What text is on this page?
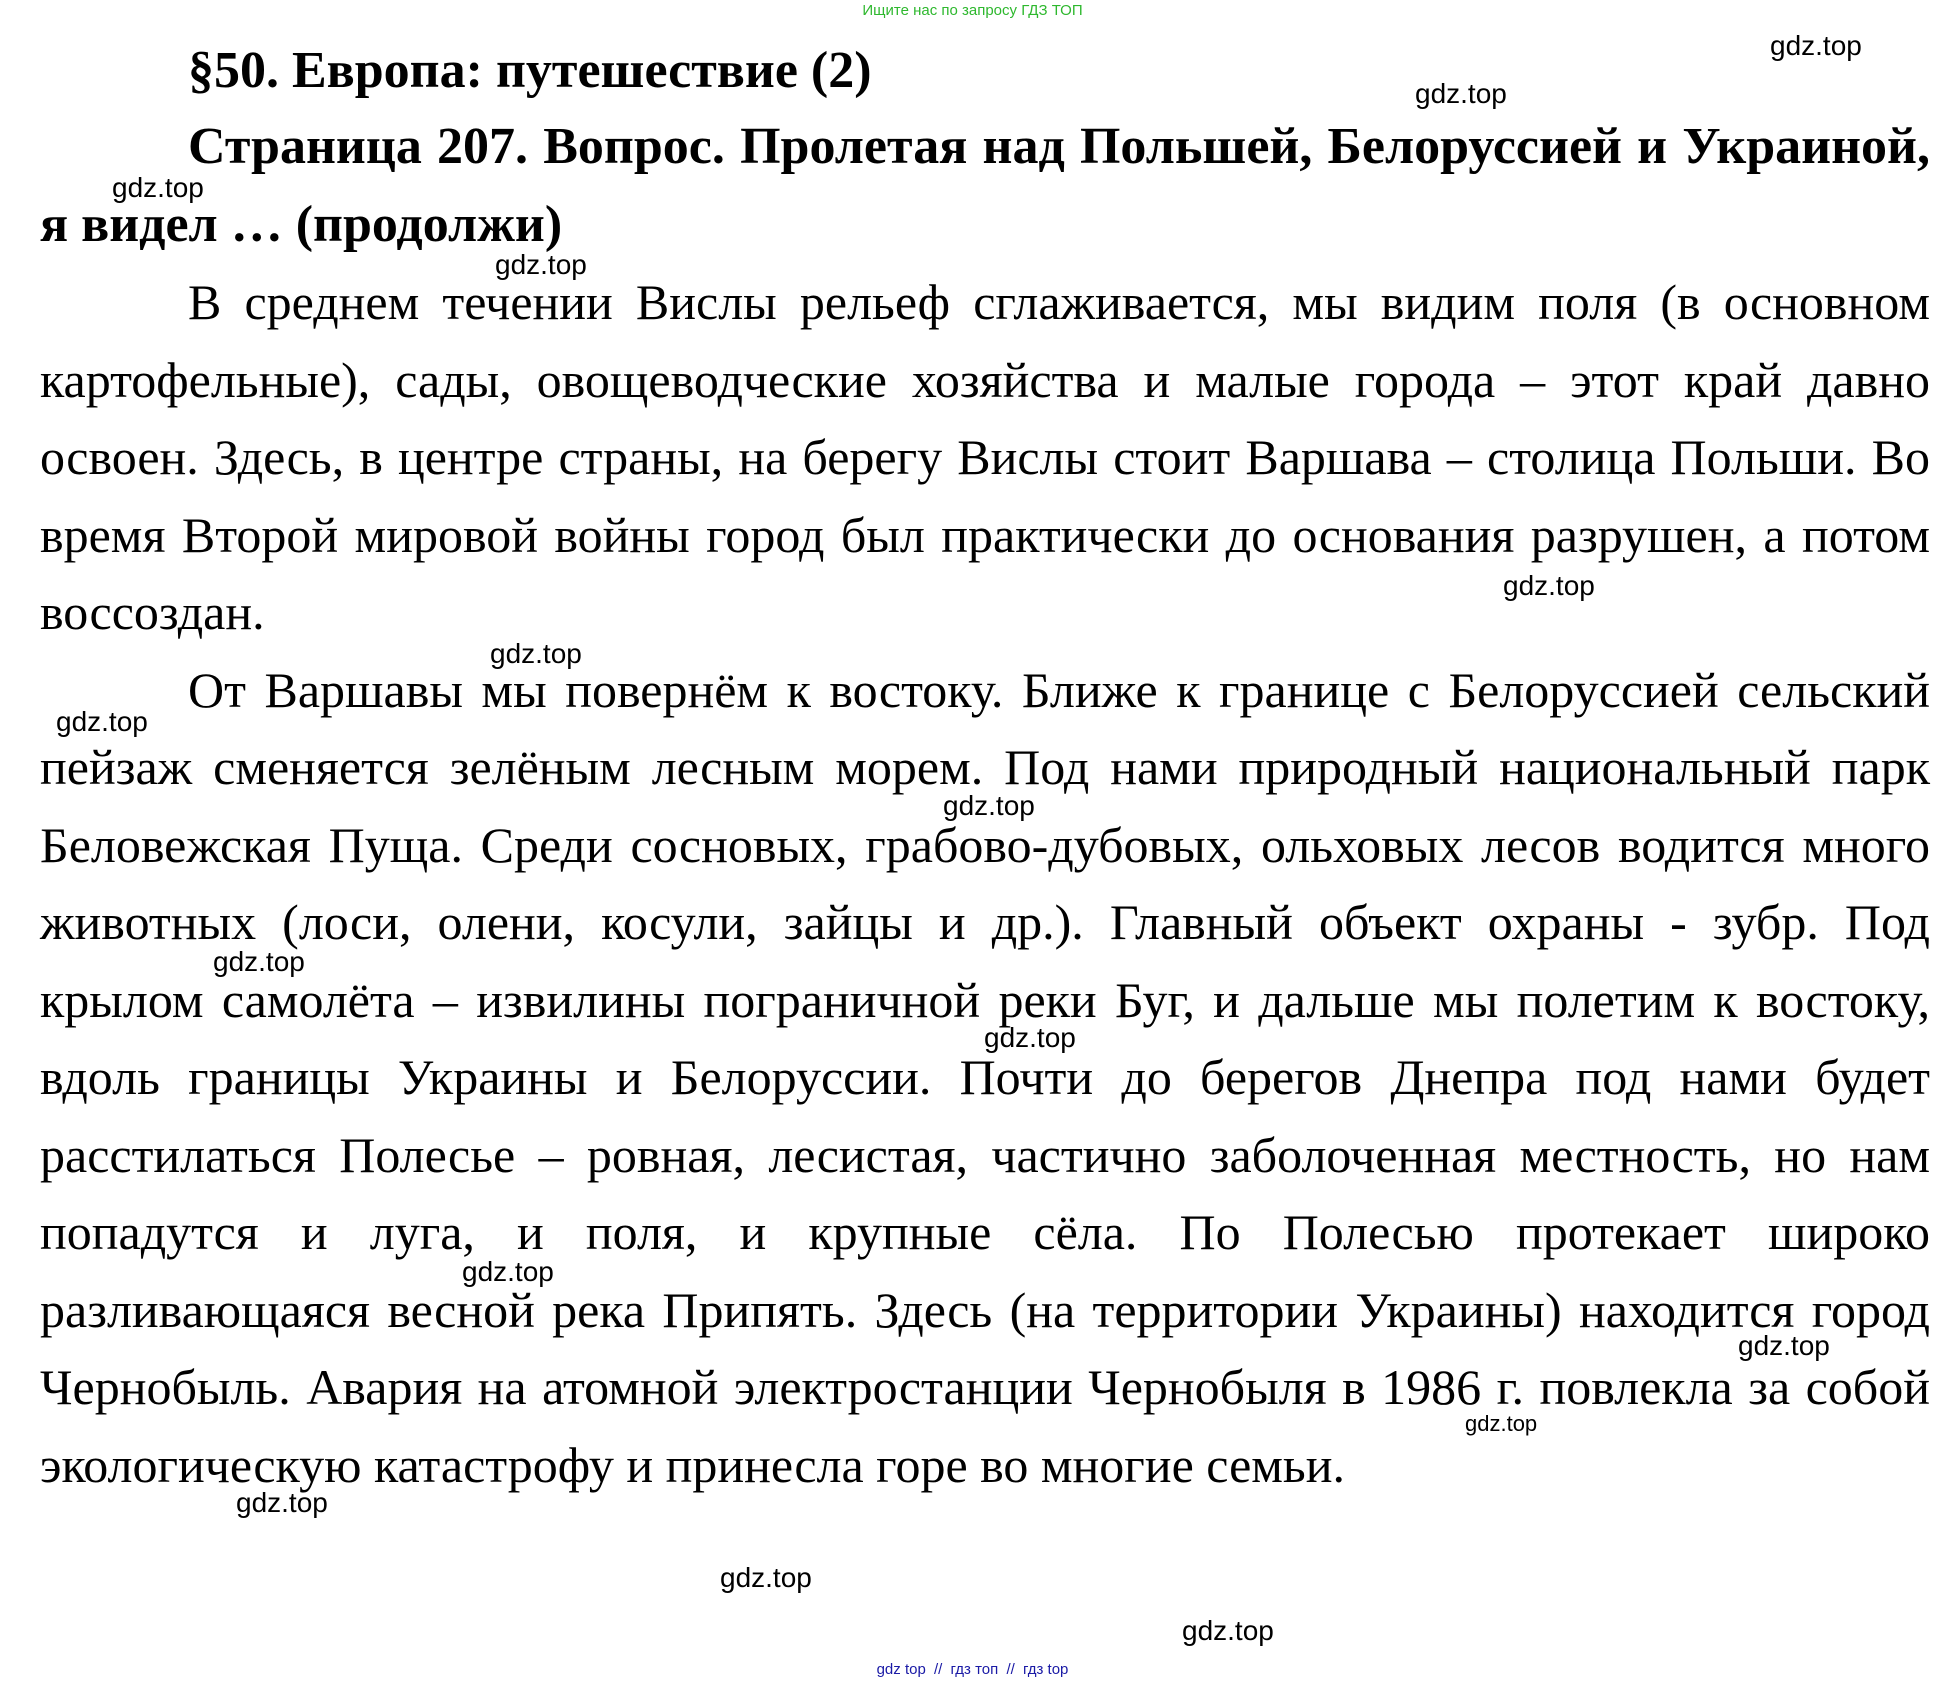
Ищите нас по запросу ГДЗ ТОП
§50. Европа: путешествие (2)
Страница 207. Вопрос. Пролетая над Польшей, Белоруссией и Украиной, я видел … (продолжи)

В среднем течении Вислы рельеф сглаживается, мы видим поля (в основном картофельные), сады, овощеводческие хозяйства и малые города – этот край давно освоен. Здесь, в центре страны, на берегу Вислы стоит Варшава – столица Польши. Во время Второй мировой войны город был практически до основания разрушен, а потом воссоздан.

От Варшавы мы повернём к востоку. Ближе к границе с Белоруссией сельский пейзаж сменяется зелёным лесным морем. Под нами природный национальный парк Беловежская Пуща. Среди сосновых, грабово-дубовых, ольховых лесов водится много животных (лоси, олени, косули, зайцы и др.). Главный объект охраны - зубр. Под крылом самолёта – извилины пограничной реки Буг, и дальше мы полетим к востоку, вдоль границы Украины и Белоруссии. Почти до берегов Днепра под нами будет расстилаться Полесье – ровная, лесистая, частично заболоченная местность, но нам попадутся и луга, и поля, и крупные сёла. По Полесью протекает широко разливающаяся весной река Припять. Здесь (на территории Украины) находится город Чернобыль. Авария на атомной электростанции Чернобыля в 1986 г. повлекла за собой экологическую катастрофу и принесла горе во многие семьи.

gdz.top
gdz.top
gdz.top
gdz.top
gdz.top
gdz.top
gdz.top
gdz.top
gdz.top
gdz.top
gdz.top
gdz.top
gdz.top
gdz.top
gdz.top
gdz.top
gdz top // гдз топ // гдз top
